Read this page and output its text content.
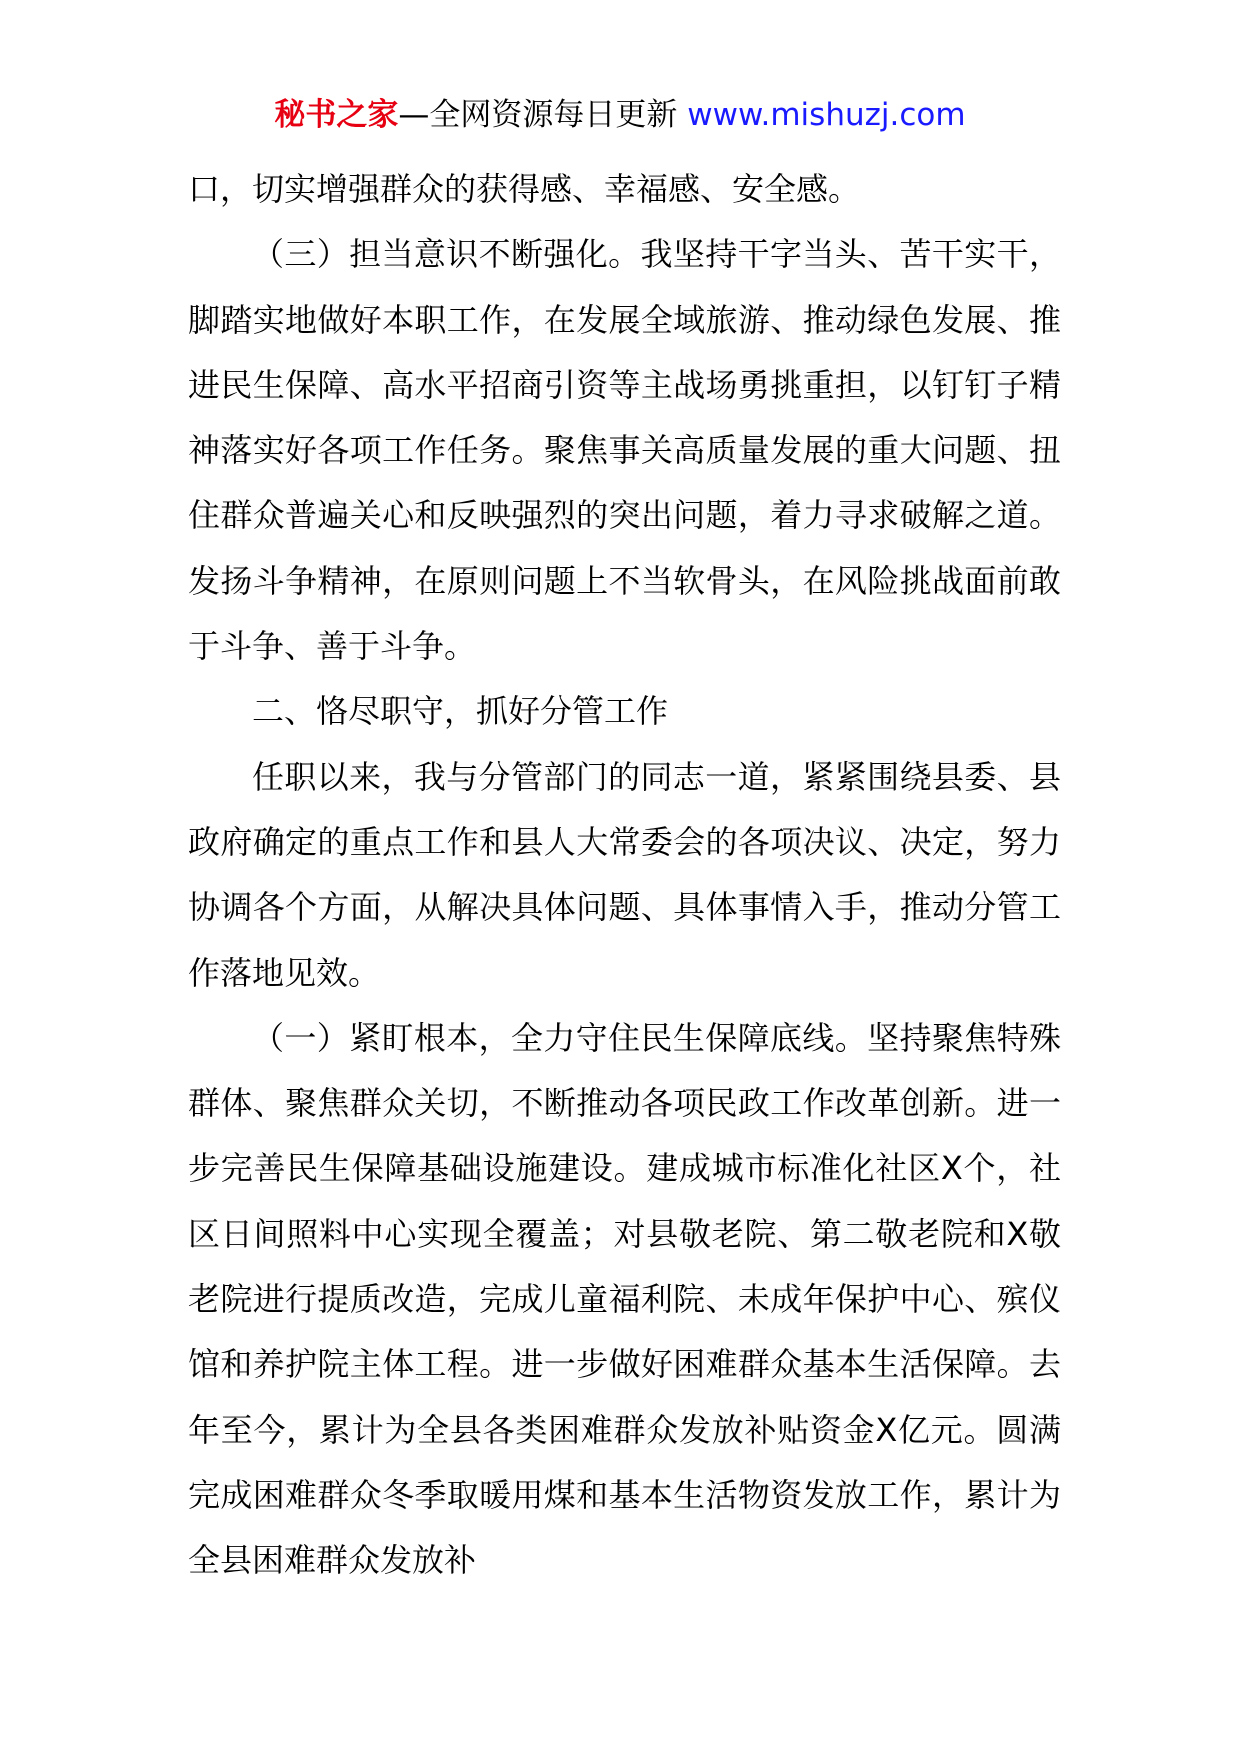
秘书之家—全网资源每日更新 www.mishuzj.com

口，切实增强群众的获得感、幸福感、安全感。

（三）担当意识不断强化。我坚持干字当头、苦干实干，脚踏实地做好本职工作，在发展全域旅游、推动绿色发展、推进民生保障、高水平招商引资等主战场勇挑重担，以钉钉子精神落实好各项工作任务。聚焦事关高质量发展的重大问题、扭住群众普遍关心和反映强烈的突出问题，着力寻求破解之道。发扬斗争精神，在原则问题上不当软骨头，在风险挑战面前敢于斗争、善于斗争。

二、恪尽职守，抓好分管工作

任职以来，我与分管部门的同志一道，紧紧围绕县委、县政府确定的重点工作和县人大常委会的各项决议、决定，努力协调各个方面，从解决具体问题、具体事情入手，推动分管工作落地见效。

（一）紧盯根本，全力守住民生保障底线。坚持聚焦特殊群体、聚焦群众关切，不断推动各项民政工作改革创新。进一步完善民生保障基础设施建设。建成城市标准化社区X个，社区日间照料中心实现全覆盖；对县敬老院、第二敬老院和X敬老院进行提质改造，完成儿童福利院、未成年保护中心、殡仪馆和养护院主体工程。进一步做好困难群众基本生活保障。去年至今，累计为全县各类困难群众发放补贴资金X亿元。圆满完成困难群众冬季取暖用煤和基本生活物资发放工作，累计为全县困难群众发放补
